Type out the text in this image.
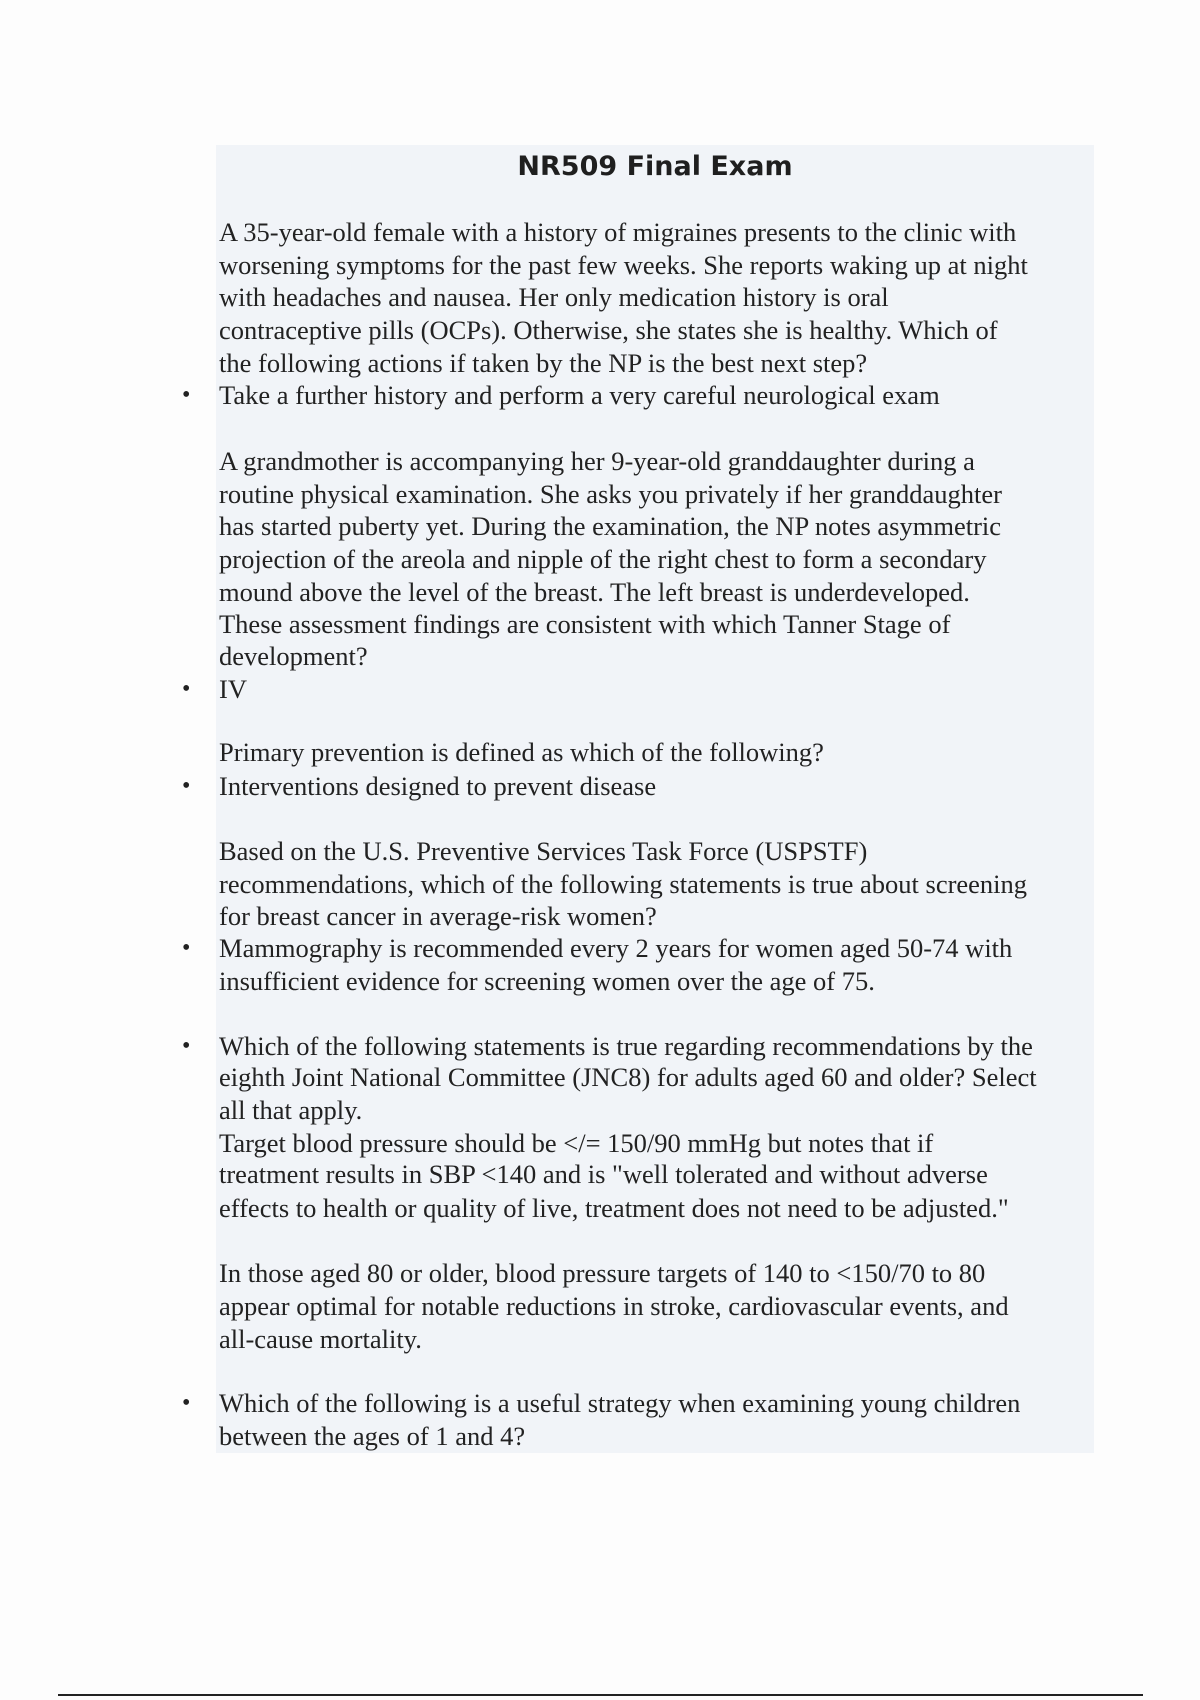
NR509 Final Exam
A 35-year-old female with a history of migraines presents to the clinic with
worsening symptoms for the past few weeks. She reports waking up at night
with headaches and nausea. Her only medication history is oral
contraceptive pills (OCPs). Otherwise, she states she is healthy. Which of
the following actions if taken by the NP is the best next step?
• Take a further history and perform a very careful neurological exam
A grandmother is accompanying her 9-year-old granddaughter during a
routine physical examination. She asks you privately if her granddaughter
has started puberty yet. During the examination, the NP notes asymmetric
projection of the areola and nipple of the right chest to form a secondary
mound above the level of the breast. The left breast is underdeveloped.
These assessment findings are consistent with which Tanner Stage of
development?
• IV
Primary prevention is defined as which of the following?
• Interventions designed to prevent disease
Based on the U.S. Preventive Services Task Force (USPSTF)
recommendations, which of the following statements is true about screening
for breast cancer in average-risk women?
• Mammography is recommended every 2 years for women aged 50-74 with
insufficient evidence for screening women over the age of 75.
• Which of the following statements is true regarding recommendations by the
eighth Joint National Committee (JNC8) for adults aged 60 and older? Select
all that apply.
Target blood pressure should be </= 150/90 mmHg but notes that if
treatment results in SBP <140 and is "well tolerated and without adverse
effects to health or quality of live, treatment does not need to be adjusted."
In those aged 80 or older, blood pressure targets of 140 to <150/70 to 80
appear optimal for notable reductions in stroke, cardiovascular events, and
all-cause mortality.
• Which of the following is a useful strategy when examining young children
between the ages of 1 and 4?
